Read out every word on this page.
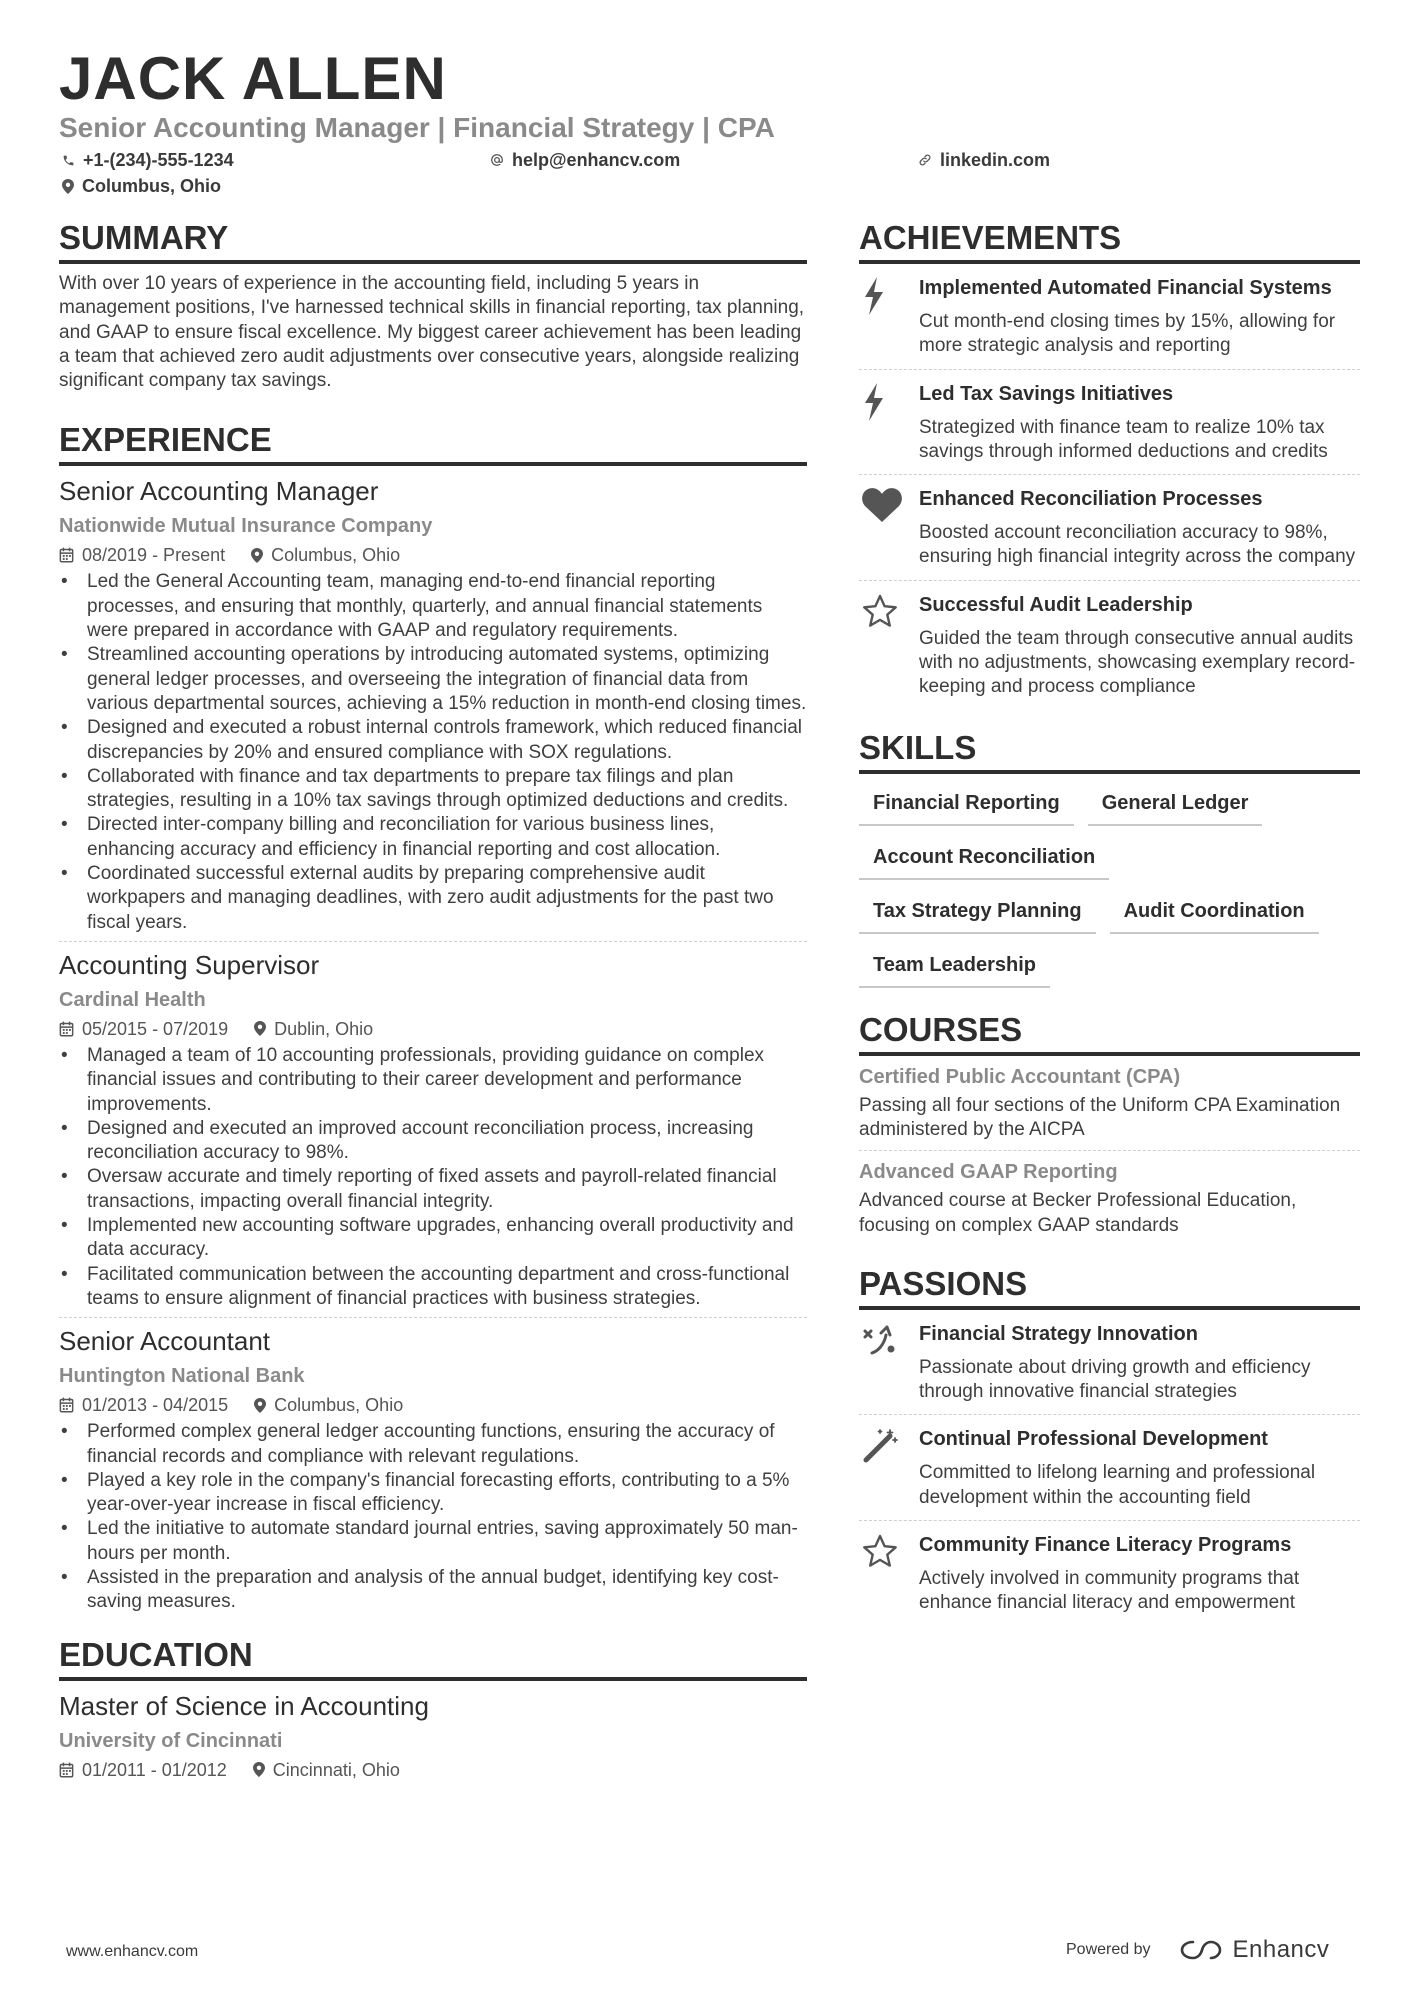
JACK ALLEN
Senior Accounting Manager | Financial Strategy | CPA
+1-(234)-555-1234	help@enhancv.com	linkedin.com
Columbus, Ohio
SUMMARY
With over 10 years of experience in the accounting field, including 5 years in management positions, I've harnessed technical skills in financial reporting, tax planning, and GAAP to ensure fiscal excellence. My biggest career achievement has been leading a team that achieved zero audit adjustments over consecutive years, alongside realizing significant company tax savings.
EXPERIENCE
Senior Accounting Manager
Nationwide Mutual Insurance Company
08/2019 - Present	Columbus, Ohio
• Led the General Accounting team, managing end-to-end financial reporting processes, and ensuring that monthly, quarterly, and annual financial statements were prepared in accordance with GAAP and regulatory requirements.
• Streamlined accounting operations by introducing automated systems, optimizing general ledger processes, and overseeing the integration of financial data from various departmental sources, achieving a 15% reduction in month-end closing times.
• Designed and executed a robust internal controls framework, which reduced financial discrepancies by 20% and ensured compliance with SOX regulations.
• Collaborated with finance and tax departments to prepare tax filings and plan strategies, resulting in a 10% tax savings through optimized deductions and credits.
• Directed inter-company billing and reconciliation for various business lines, enhancing accuracy and efficiency in financial reporting and cost allocation.
• Coordinated successful external audits by preparing comprehensive audit workpapers and managing deadlines, with zero audit adjustments for the past two fiscal years.
Accounting Supervisor
Cardinal Health
05/2015 - 07/2019	Dublin, Ohio
• Managed a team of 10 accounting professionals, providing guidance on complex financial issues and contributing to their career development and performance improvements.
• Designed and executed an improved account reconciliation process, increasing reconciliation accuracy to 98%.
• Oversaw accurate and timely reporting of fixed assets and payroll-related financial transactions, impacting overall financial integrity.
• Implemented new accounting software upgrades, enhancing overall productivity and data accuracy.
• Facilitated communication between the accounting department and cross-functional teams to ensure alignment of financial practices with business strategies.
Senior Accountant
Huntington National Bank
01/2013 - 04/2015	Columbus, Ohio
• Performed complex general ledger accounting functions, ensuring the accuracy of financial records and compliance with relevant regulations.
• Played a key role in the company's financial forecasting efforts, contributing to a 5% year-over-year increase in fiscal efficiency.
• Led the initiative to automate standard journal entries, saving approximately 50 man-hours per month.
• Assisted in the preparation and analysis of the annual budget, identifying key cost-saving measures.
EDUCATION
Master of Science in Accounting
University of Cincinnati
01/2011 - 01/2012	Cincinnati, Ohio
ACHIEVEMENTS
Implemented Automated Financial Systems
Cut month-end closing times by 15%, allowing for more strategic analysis and reporting
Led Tax Savings Initiatives
Strategized with finance team to realize 10% tax savings through informed deductions and credits
Enhanced Reconciliation Processes
Boosted account reconciliation accuracy to 98%, ensuring high financial integrity across the company
Successful Audit Leadership
Guided the team through consecutive annual audits with no adjustments, showcasing exemplary record-keeping and process compliance
SKILLS
Financial Reporting	General Ledger
Account Reconciliation
Tax Strategy Planning	Audit Coordination
Team Leadership
COURSES
Certified Public Accountant (CPA)
Passing all four sections of the Uniform CPA Examination administered by the AICPA
Advanced GAAP Reporting
Advanced course at Becker Professional Education, focusing on complex GAAP standards
PASSIONS
Financial Strategy Innovation
Passionate about driving growth and efficiency through innovative financial strategies
Continual Professional Development
Committed to lifelong learning and professional development within the accounting field
Community Finance Literacy Programs
Actively involved in community programs that enhance financial literacy and empowerment
www.enhancv.com	Powered by	Enhancv
